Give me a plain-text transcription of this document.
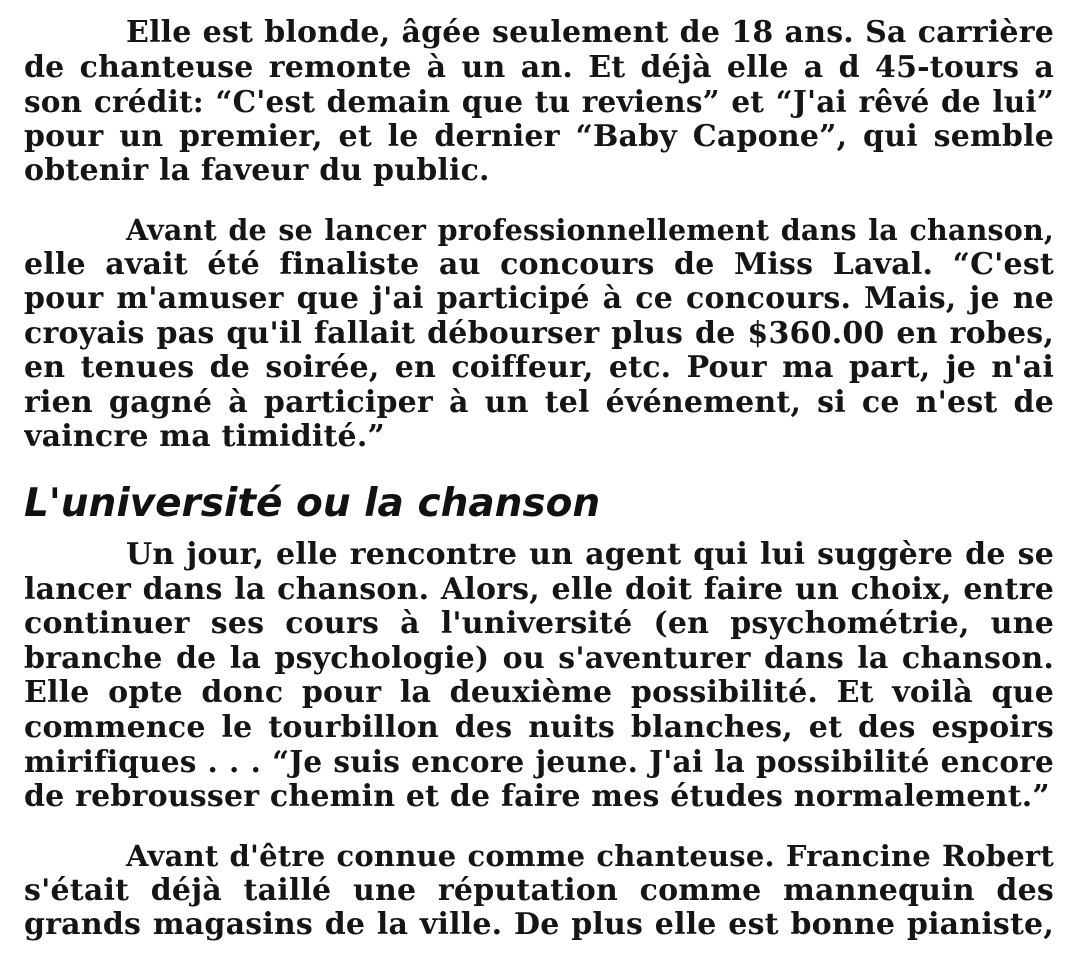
Elle est blonde, âgée seulement de 18 ans. Sa carrière
de chanteuse remonte à un an. Et déjà elle a d 45-tours a
son crédit: “C'est demain que tu reviens” et “J'ai rêvé de lui”
pour un premier, et le dernier “Baby Capone”, qui semble
obtenir la faveur du public.
Avant de se lancer professionnellement dans la chanson,
elle avait été finaliste au concours de Miss Laval. “C'est
pour m'amuser que j'ai participé à ce concours. Mais, je ne
croyais pas qu'il fallait débourser plus de $360.00 en robes,
en tenues de soirée, en coiffeur, etc. Pour ma part, je n'ai
rien gagné à participer à un tel événement, si ce n'est de
vaincre ma timidité.”
L'université ou la chanson
Un jour, elle rencontre un agent qui lui suggère de se
lancer dans la chanson. Alors, elle doit faire un choix, entre
continuer ses cours à l'université (en psychométrie, une
branche de la psychologie) ou s'aventurer dans la chanson.
Elle opte donc pour la deuxième possibilité. Et voilà que
commence le tourbillon des nuits blanches, et des espoirs
mirifiques . . . “Je suis encore jeune. J'ai la possibilité encore
de rebrousser chemin et de faire mes études normalement.”
Avant d'être connue comme chanteuse. Francine Robert
s'était déjà taillé une réputation comme mannequin des
grands magasins de la ville. De plus elle est bonne pianiste,
